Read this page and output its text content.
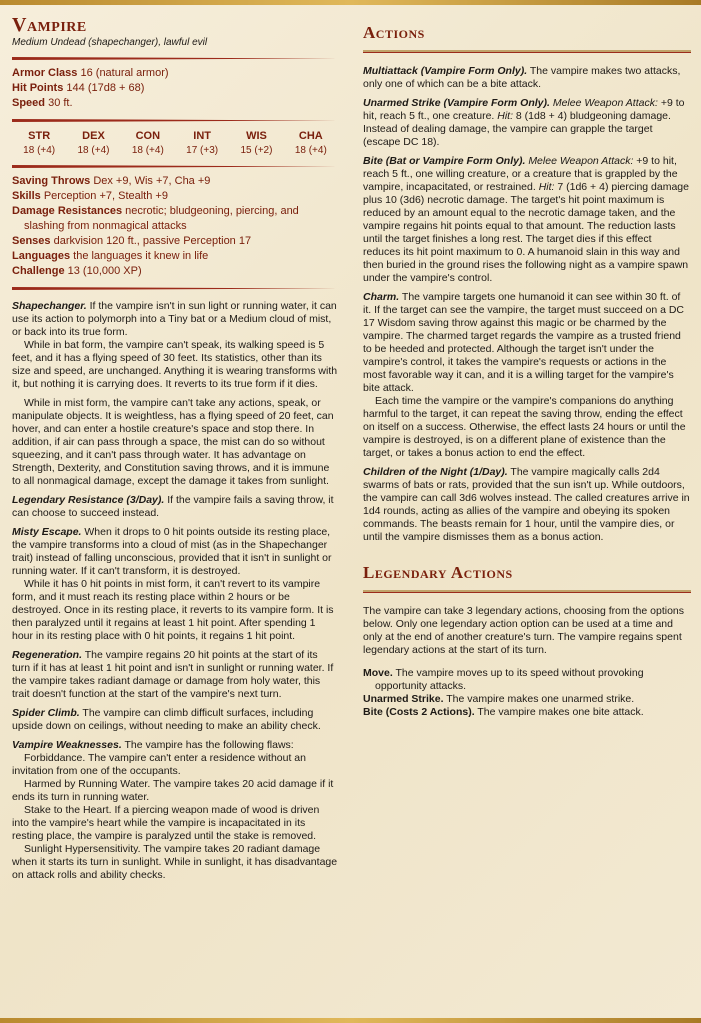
Vampire

Medium Undead (shapechanger), lawful evil

Armor Class 16 (natural armor)

Hit Points 144 (17d8 + 68)

Speed 30 ft.

STR
18 (+4)
DEX
18 (+4)
CON
18 (+4)
INT
17 (+3)
WIS
15 (+2)
CHA
18 (+4)

Saving Throws Dex +9, Wis +7, Cha +9

Skills Perception +7, Stealth +9

Damage Resistances necrotic; bludgeoning, piercing, and slashing from nonmagical attacks

Senses darkvision 120 ft., passive Perception 17

Languages the languages it knew in life

Challenge 13 (10,000 XP)

Shapechanger. If the vampire isn't in sun light or running water, it can use its action to polymorph into a Tiny bat or a Medium cloud of mist, or back into its true form.

While in bat form, the vampire can't speak, its walking speed is 5 feet, and it has a flying speed of 30 feet. Its statistics, other than its size and speed, are unchanged. Anything it is wearing transforms with it, but nothing it is carrying does. It reverts to its true form if it dies.

While in mist form, the vampire can't take any actions, speak, or manipulate objects. It is weightless, has a flying speed of 20 feet, can hover, and can enter a hostile creature's space and stop there. In addition, if air can pass through a space, the mist can do so without squeezing, and it can't pass through water. It has advantage on Strength, Dexterity, and Constitution saving throws, and it is immune to all nonmagical damage, except the damage it takes from sunlight.

Legendary Resistance (3/Day). If the vampire fails a saving throw, it can choose to succeed instead.

Misty Escape. When it drops to 0 hit points outside its resting place, the vampire transforms into a cloud of mist (as in the Shapechanger trait) instead of falling unconscious, provided that it isn't in sunlight or running water. If it can't transform, it is destroyed.

While it has 0 hit points in mist form, it can't revert to its vampire form, and it must reach its resting place within 2 hours or be destroyed. Once in its resting place, it reverts to its vampire form. It is then paralyzed until it regains at least 1 hit point. After spending 1 hour in its resting place with 0 hit points, it regains 1 hit point.

Regeneration. The vampire regains 20 hit points at the start of its turn if it has at least 1 hit point and isn't in sunlight or running water. If the vampire takes radiant damage or damage from holy water, this trait doesn't function at the start of the vampire's next turn.

Spider Climb. The vampire can climb difficult surfaces, including upside down on ceilings, without needing to make an ability check.

Vampire Weaknesses. The vampire has the following flaws:

Forbiddance. The vampire can't enter a residence without an invitation from one of the occupants.

Harmed by Running Water. The vampire takes 20 acid damage if it ends its turn in running water.

Stake to the Heart. If a piercing weapon made of wood is driven into the vampire's heart while the vampire is incapacitated in its resting place, the vampire is paralyzed until the stake is removed.

Sunlight Hypersensitivity. The vampire takes 20 radiant damage when it starts its turn in sunlight. While in sunlight, it has disadvantage on attack rolls and ability checks.

Actions

Multiattack (Vampire Form Only). The vampire makes two attacks, only one of which can be a bite attack.

Unarmed Strike (Vampire Form Only). Melee Weapon Attack: +9 to hit, reach 5 ft., one creature. Hit: 8 (1d8 + 4) bludgeoning damage. Instead of dealing damage, the vampire can grapple the target (escape DC 18).

Bite (Bat or Vampire Form Only). Melee Weapon Attack: +9 to hit, reach 5 ft., one willing creature, or a creature that is grappled by the vampire, incapacitated, or restrained. Hit: 7 (1d6 + 4) piercing damage plus 10 (3d6) necrotic damage. The target's hit point maximum is reduced by an amount equal to the necrotic damage taken, and the vampire regains hit points equal to that amount. The reduction lasts until the target finishes a long rest. The target dies if this effect reduces its hit point maximum to 0. A humanoid slain in this way and then buried in the ground rises the following night as a vampire spawn under the vampire's control.

Charm. The vampire targets one humanoid it can see within 30 ft. of it. If the target can see the vampire, the target must succeed on a DC 17 Wisdom saving throw against this magic or be charmed by the vampire. The charmed target regards the vampire as a trusted friend to be heeded and protected. Although the target isn't under the vampire's control, it takes the vampire's requests or actions in the most favorable way it can, and it is a willing target for the vampire's bite attack.

Each time the vampire or the vampire's companions do anything harmful to the target, it can repeat the saving throw, ending the effect on itself on a success. Otherwise, the effect lasts 24 hours or until the vampire is destroyed, is on a different plane of existence than the target, or takes a bonus action to end the effect.

Children of the Night (1/Day). The vampire magically calls 2d4 swarms of bats or rats, provided that the sun isn't up. While outdoors, the vampire can call 3d6 wolves instead. The called creatures arrive in 1d4 rounds, acting as allies of the vampire and obeying its spoken commands. The beasts remain for 1 hour, until the vampire dies, or until the vampire dismisses them as a bonus action.

Legendary Actions

The vampire can take 3 legendary actions, choosing from the options below. Only one legendary action option can be used at a time and only at the end of another creature's turn. The vampire regains spent legendary actions at the start of its turn.

Move. The vampire moves up to its speed without provoking opportunity attacks.

Unarmed Strike. The vampire makes one unarmed strike.

Bite (Costs 2 Actions). The vampire makes one bite attack.
